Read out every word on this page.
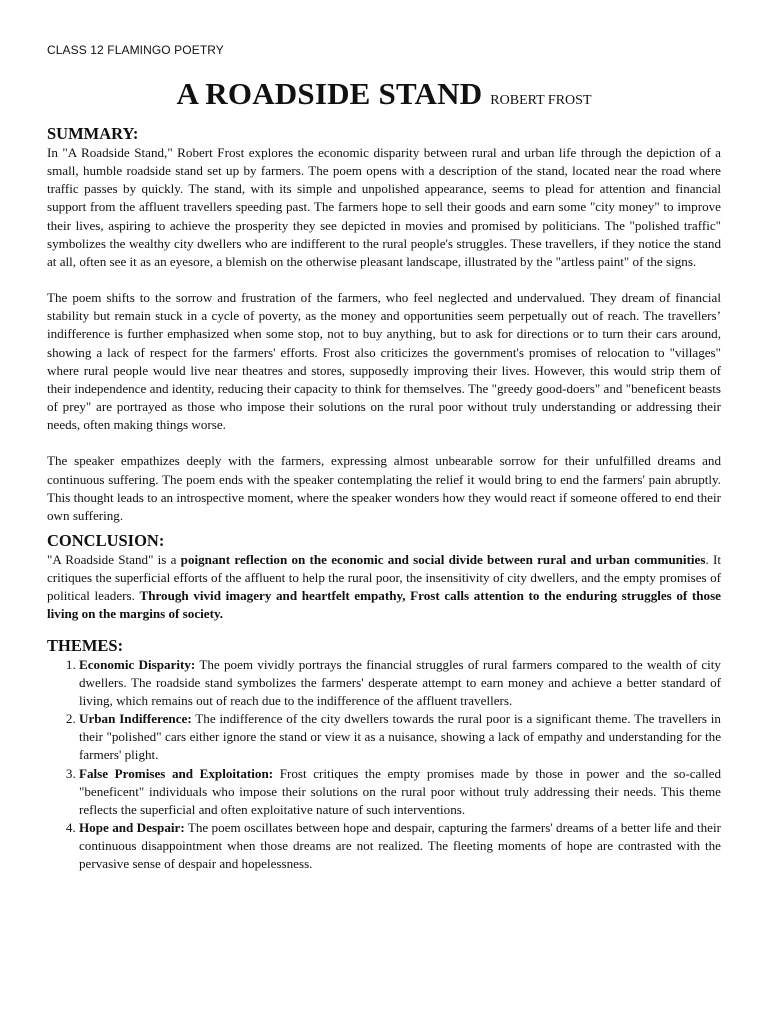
CLASS 12 FLAMINGO POETRY
A ROADSIDE STAND ROBERT FROST
SUMMARY:

In "A Roadside Stand," Robert Frost explores the economic disparity between rural and urban life through the depiction of a small, humble roadside stand set up by farmers. The poem opens with a description of the stand, located near the road where traffic passes by quickly. The stand, with its simple and unpolished appearance, seems to plead for attention and financial support from the affluent travellers speeding past. The farmers hope to sell their goods and earn some "city money" to improve their lives, aspiring to achieve the prosperity they see depicted in movies and promised by politicians. The "polished traffic" symbolizes the wealthy city dwellers who are indifferent to the rural people's struggles. These travellers, if they notice the stand at all, often see it as an eyesore, a blemish on the otherwise pleasant landscape, illustrated by the "artless paint" of the signs.

The poem shifts to the sorrow and frustration of the farmers, who feel neglected and undervalued. They dream of financial stability but remain stuck in a cycle of poverty, as the money and opportunities seem perpetually out of reach. The travellers’ indifference is further emphasized when some stop, not to buy anything, but to ask for directions or to turn their cars around, showing a lack of respect for the farmers' efforts. Frost also criticizes the government's promises of relocation to "villages" where rural people would live near theatres and stores, supposedly improving their lives. However, this would strip them of their independence and identity, reducing their capacity to think for themselves. The "greedy good-doers" and "beneficent beasts of prey" are portrayed as those who impose their solutions on the rural poor without truly understanding or addressing their needs, often making things worse.

The speaker empathizes deeply with the farmers, expressing almost unbearable sorrow for their unfulfilled dreams and continuous suffering. The poem ends with the speaker contemplating the relief it would bring to end the farmers' pain abruptly. This thought leads to an introspective moment, where the speaker wonders how they would react if someone offered to end their own suffering.

CONCLUSION:

"A Roadside Stand" is a poignant reflection on the economic and social divide between rural and urban communities. It critiques the superficial efforts of the affluent to help the rural poor, the insensitivity of city dwellers, and the empty promises of political leaders. Through vivid imagery and heartfelt empathy, Frost calls attention to the enduring struggles of those living on the margins of society.

THEMES:
1. Economic Disparity: The poem vividly portrays the financial struggles of rural farmers compared to the wealth of city dwellers. The roadside stand symbolizes the farmers' desperate attempt to earn money and achieve a better standard of living, which remains out of reach due to the indifference of the affluent travellers.
2. Urban Indifference: The indifference of the city dwellers towards the rural poor is a significant theme. The travellers in their "polished" cars either ignore the stand or view it as a nuisance, showing a lack of empathy and understanding for the farmers' plight.
3. False Promises and Exploitation: Frost critiques the empty promises made by those in power and the so-called "beneficent" individuals who impose their solutions on the rural poor without truly addressing their needs. This theme reflects the superficial and often exploitative nature of such interventions.
4. Hope and Despair: The poem oscillates between hope and despair, capturing the farmers' dreams of a better life and their continuous disappointment when those dreams are not realized. The fleeting moments of hope are contrasted with the pervasive sense of despair and hopelessness.
